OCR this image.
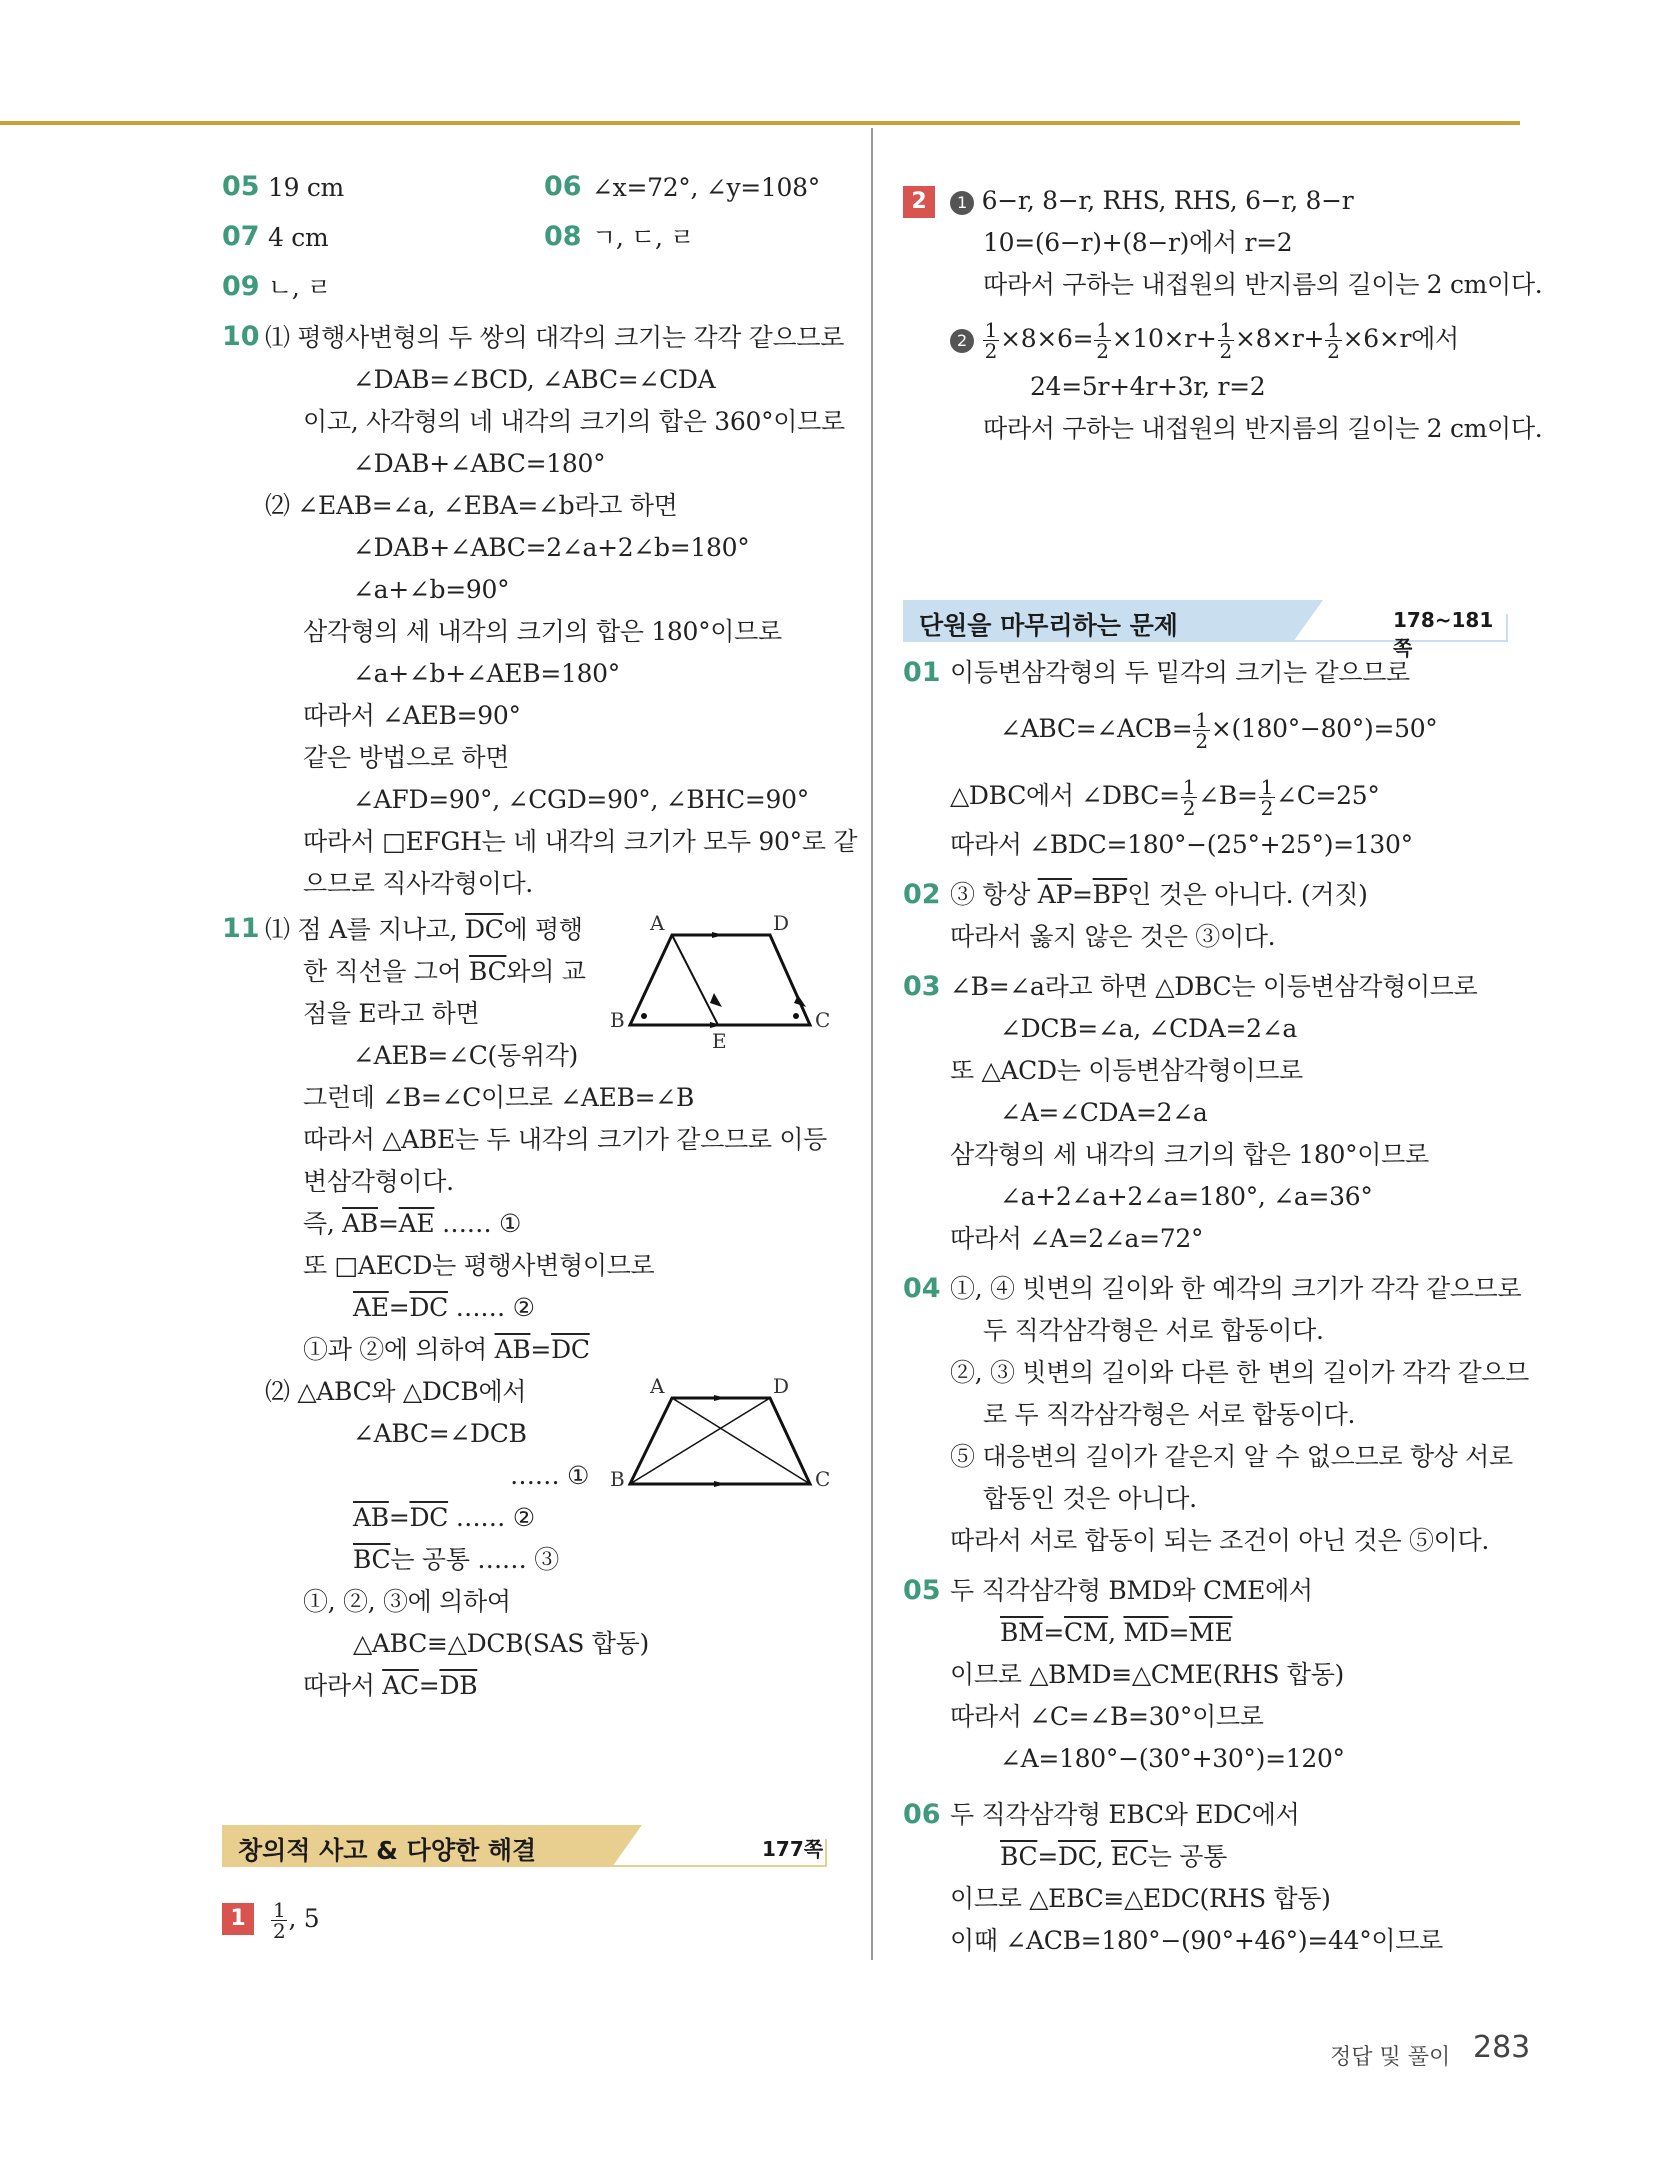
05 19 cm	06 ∠x=72°, ∠y=108°
07 4 cm	08 ㄱ, ㄷ, ㄹ
09 ㄴ, ㄹ
10 ⑴ 평행사변형의 두 쌍의 대각의 크기는 각각 같으므로
∠DAB=∠BCD, ∠ABC=∠CDA
이고, 사각형의 네 내각의 크기의 합은 360°이므로
∠DAB+∠ABC=180°
⑵ ∠EAB=∠a, ∠EBA=∠b라고 하면
∠DAB+∠ABC=2∠a+2∠b=180°
∠a+∠b=90°
삼각형의 세 내각의 크기의 합은 180°이므로
∠a+∠b+∠AEB=180°
따라서 ∠AEB=90°
같은 방법으로 하면
∠AFD=90°, ∠CGD=90°, ∠BHC=90°
따라서 □EFGH는 네 내각의 크기가 모두 90°로 같
으므로 직사각형이다.
11 ⑴ 점 A를 지나고, $\overline{DC}$에 평행
한 직선을 그어 $\overline{BC}$와의 교
점을 E라고 하면
∠AEB=∠C(동위각)
그런데 ∠B=∠C이므로 ∠AEB=∠B
따라서 △ABE는 두 내각의 크기가 같으므로 이등
변삼각형이다.
즉, $\overline{AB}=\overline{AE}$ …… ①
또 □AECD는 평행사변형이므로
$\overline{AE}=\overline{DC}$ …… ②
①과 ②에 의하여 $\overline{AB}=\overline{DC}$
⑵ △ABC와 △DCB에서
∠ABC=∠DCB
…… ①
$\overline{AB}=\overline{DC}$ …… ②
$\overline{BC}$는 공통 …… ③
①, ②, ③에 의하여
△ABC≡△DCB(SAS 합동)
따라서 $\overline{AC}=\overline{DB}$
A	D
B	C
E
A	D
B	C
창의적 사고 & 다양한 해결	177쪽
1	$\frac{1}{2}$ , 5
2	1 6−r, 8−r, RHS, RHS, 6−r, 8−r
10=(6−r)+(8−r)에서 r=2
따라서 구하는 내접원의 반지름의 길이는 2 cm이다.
$2 \frac{1}{2} \times 8\times 6= \frac{1}{2} \times 10\times r+ \frac{1}{2} \times 8\times r+ \frac{1}{2} \times 6\times r$에서
24=5r+4r+3r, r=2
따라서 구하는 내접원의 반지름의 길이는 2 cm이다.
단원을 마무리하는 문제	178~181쪽
01 이등변삼각형의 두 밑각의 크기는 같으므로
∠ABC=∠ACB= $\frac{1}{2} \times(180^\circ-80^\circ)=50^\circ$
△DBC에서 ∠DBC= $\frac{1}{2}$ ∠B= $\frac{1}{2}$ ∠C=25°
따라서 ∠BDC=180°−(25°+25°)=130°
02 ③ 항상 $\overline{AP}=\overline{BP}$인 것은 아니다. (거짓)
따라서 옳지 않은 것은 ③이다.
03 ∠B=∠a라고 하면 △DBC는 이등변삼각형이므로
∠DCB=∠a, ∠CDA=2∠a
또 △ACD는 이등변삼각형이므로
∠A=∠CDA=2∠a
삼각형의 세 내각의 크기의 합은 180°이므로
∠a+2∠a+2∠a=180°, ∠a=36°
따라서 ∠A=2∠a=72°
04 ①, ④ 빗변의 길이와 한 예각의 크기가 각각 같으므로
두 직각삼각형은 서로 합동이다.
②, ③ 빗변의 길이와 다른 한 변의 길이가 각각 같으므
로 두 직각삼각형은 서로 합동이다.
⑤ 대응변의 길이가 같은지 알 수 없으므로 항상 서로
합동인 것은 아니다.
따라서 서로 합동이 되는 조건이 아닌 것은 ⑤이다.
05 두 직각삼각형 BMD와 CME에서
$\overline{BM}=\overline{CM}$, $\overline{MD}=\overline{ME}$
이므로 △BMD≡△CME(RHS 합동)
따라서 ∠C=∠B=30°이므로
∠A=180°−(30°+30°)=120°
06 두 직각삼각형 EBC와 EDC에서
$\overline{BC}=\overline{DC}$, $\overline{EC}$는 공통
이므로 △EBC≡△EDC(RHS 합동)
이때 ∠ACB=180°−(90°+46°)=44°이므로
정답 및 풀이 283
